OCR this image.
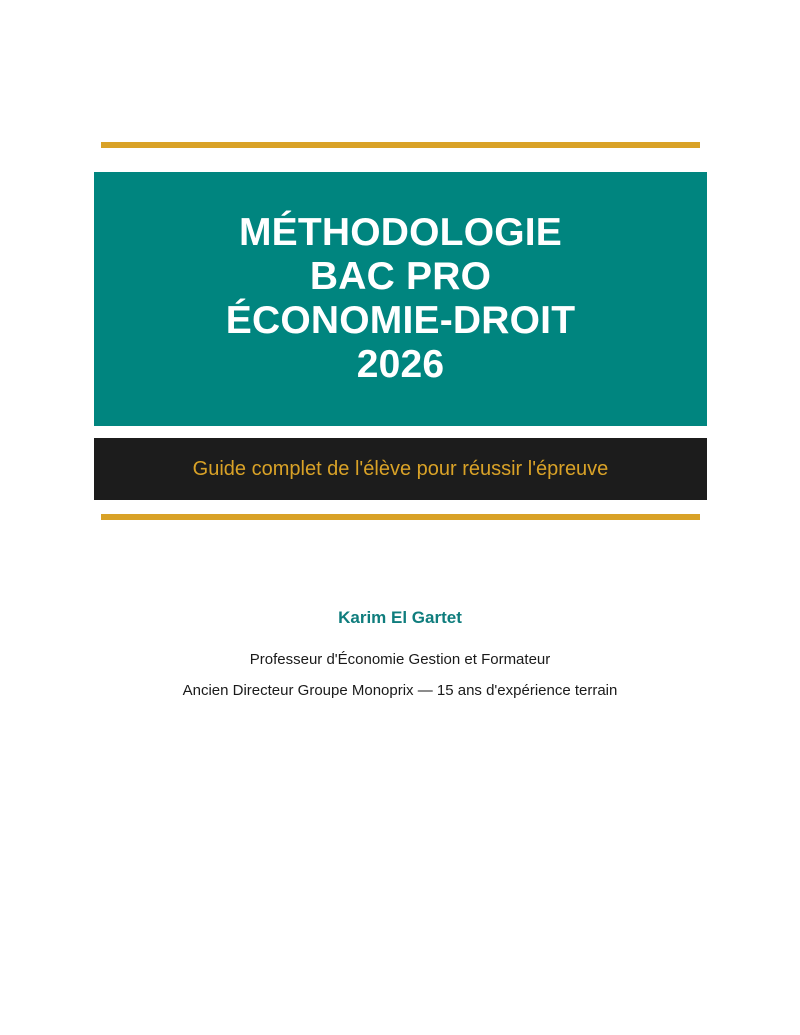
MÉTHODOLOGIE
BAC PRO
ÉCONOMIE-DROIT
2026
Guide complet de l'élève pour réussir l'épreuve

Karim El Gartet

Professeur d'Économie Gestion et Formateur

Ancien Directeur Groupe Monoprix — 15 ans d'expérience terrain
